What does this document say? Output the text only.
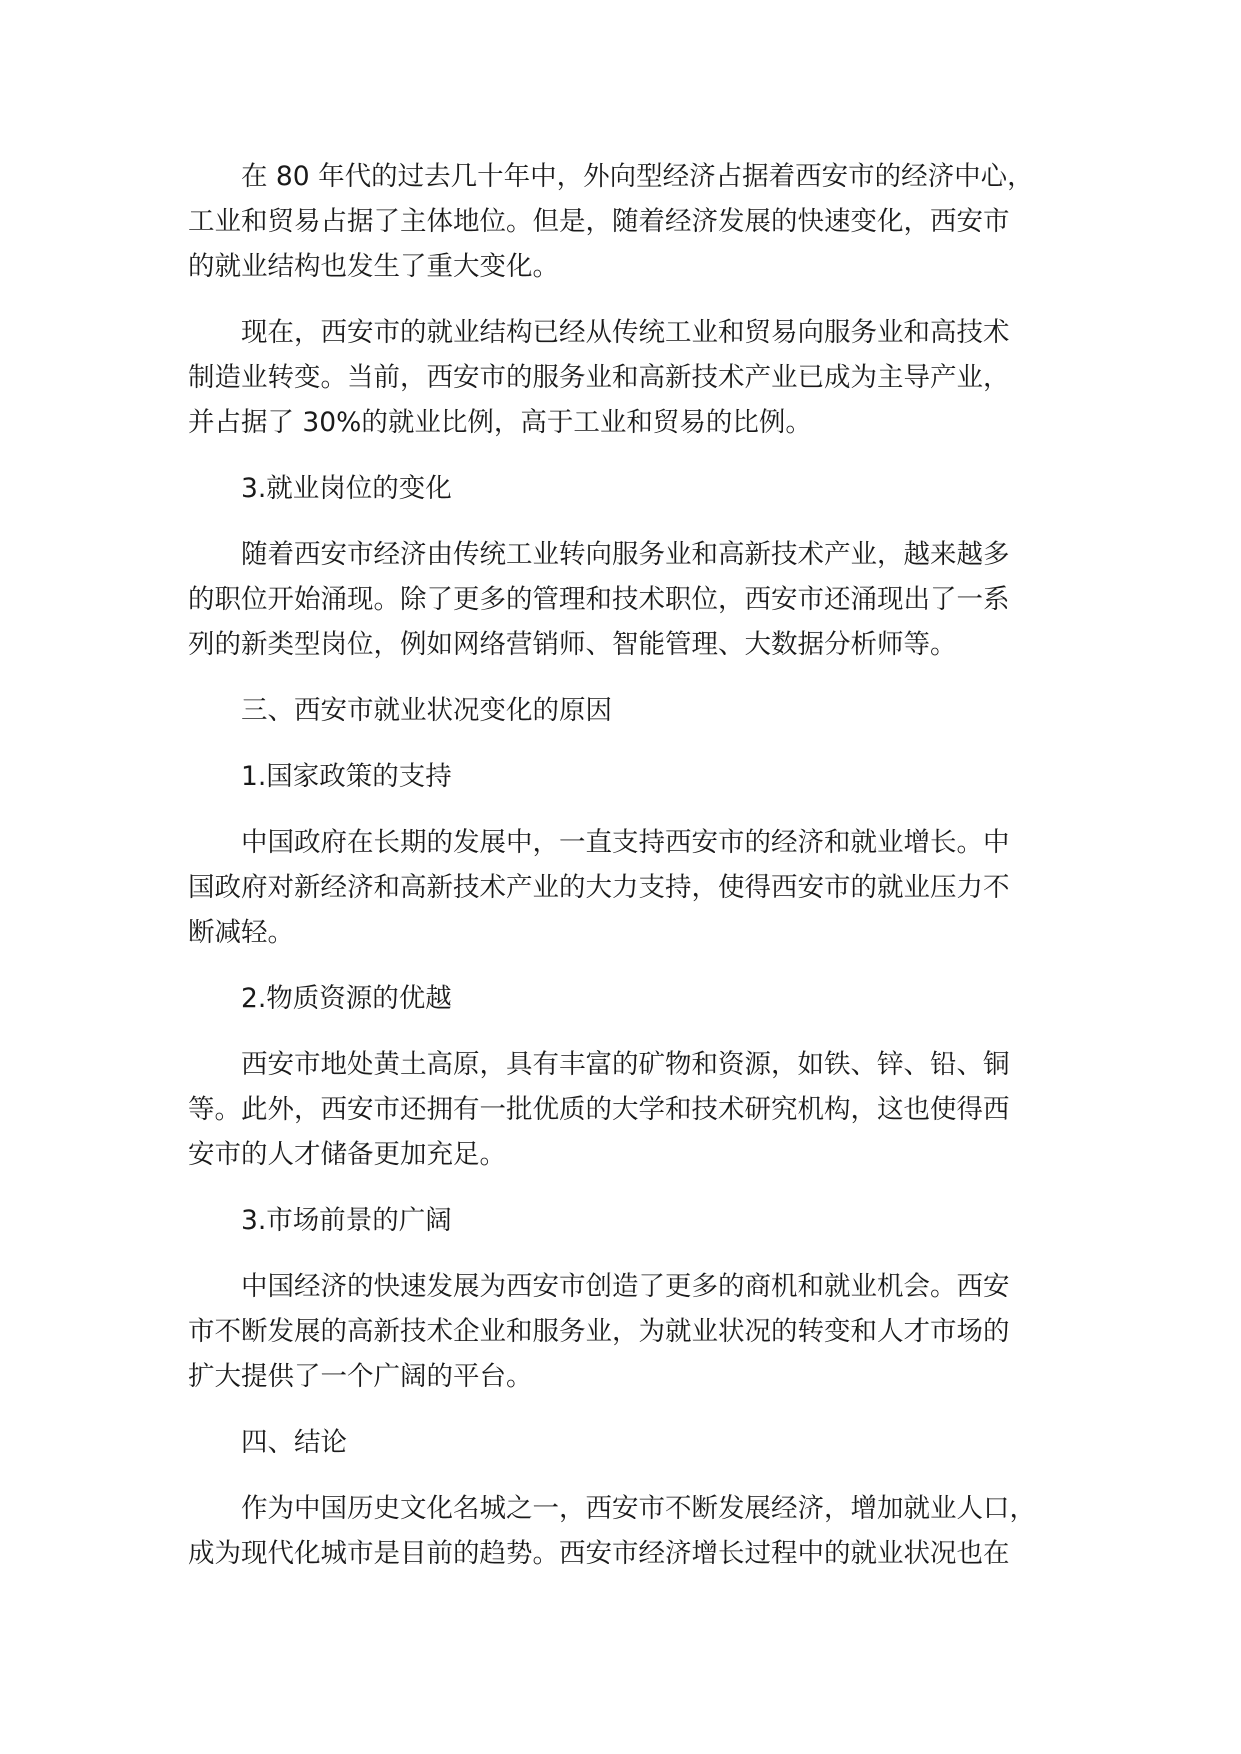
在 80 年代的过去几十年中，外向型经济占据着西安市的经济中心，
工业和贸易占据了主体地位。但是，随着经济发展的快速变化，西安市
的就业结构也发生了重大变化。
现在，西安市的就业结构已经从传统工业和贸易向服务业和高技术
制造业转变。当前，西安市的服务业和高新技术产业已成为主导产业，
并占据了 30%的就业比例，高于工业和贸易的比例。
3.就业岗位的变化
随着西安市经济由传统工业转向服务业和高新技术产业，越来越多
的职位开始涌现。除了更多的管理和技术职位，西安市还涌现出了一系
列的新类型岗位，例如网络营销师、智能管理、大数据分析师等。
三、西安市就业状况变化的原因
1.国家政策的支持
中国政府在长期的发展中，一直支持西安市的经济和就业增长。中
国政府对新经济和高新技术产业的大力支持，使得西安市的就业压力不
断减轻。
2.物质资源的优越
西安市地处黄土高原，具有丰富的矿物和资源，如铁、锌、铅、铜
等。此外，西安市还拥有一批优质的大学和技术研究机构，这也使得西
安市的人才储备更加充足。
3.市场前景的广阔
中国经济的快速发展为西安市创造了更多的商机和就业机会。西安
市不断发展的高新技术企业和服务业，为就业状况的转变和人才市场的
扩大提供了一个广阔的平台。
四、结论
作为中国历史文化名城之一，西安市不断发展经济，增加就业人口，
成为现代化城市是目前的趋势。西安市经济增长过程中的就业状况也在
